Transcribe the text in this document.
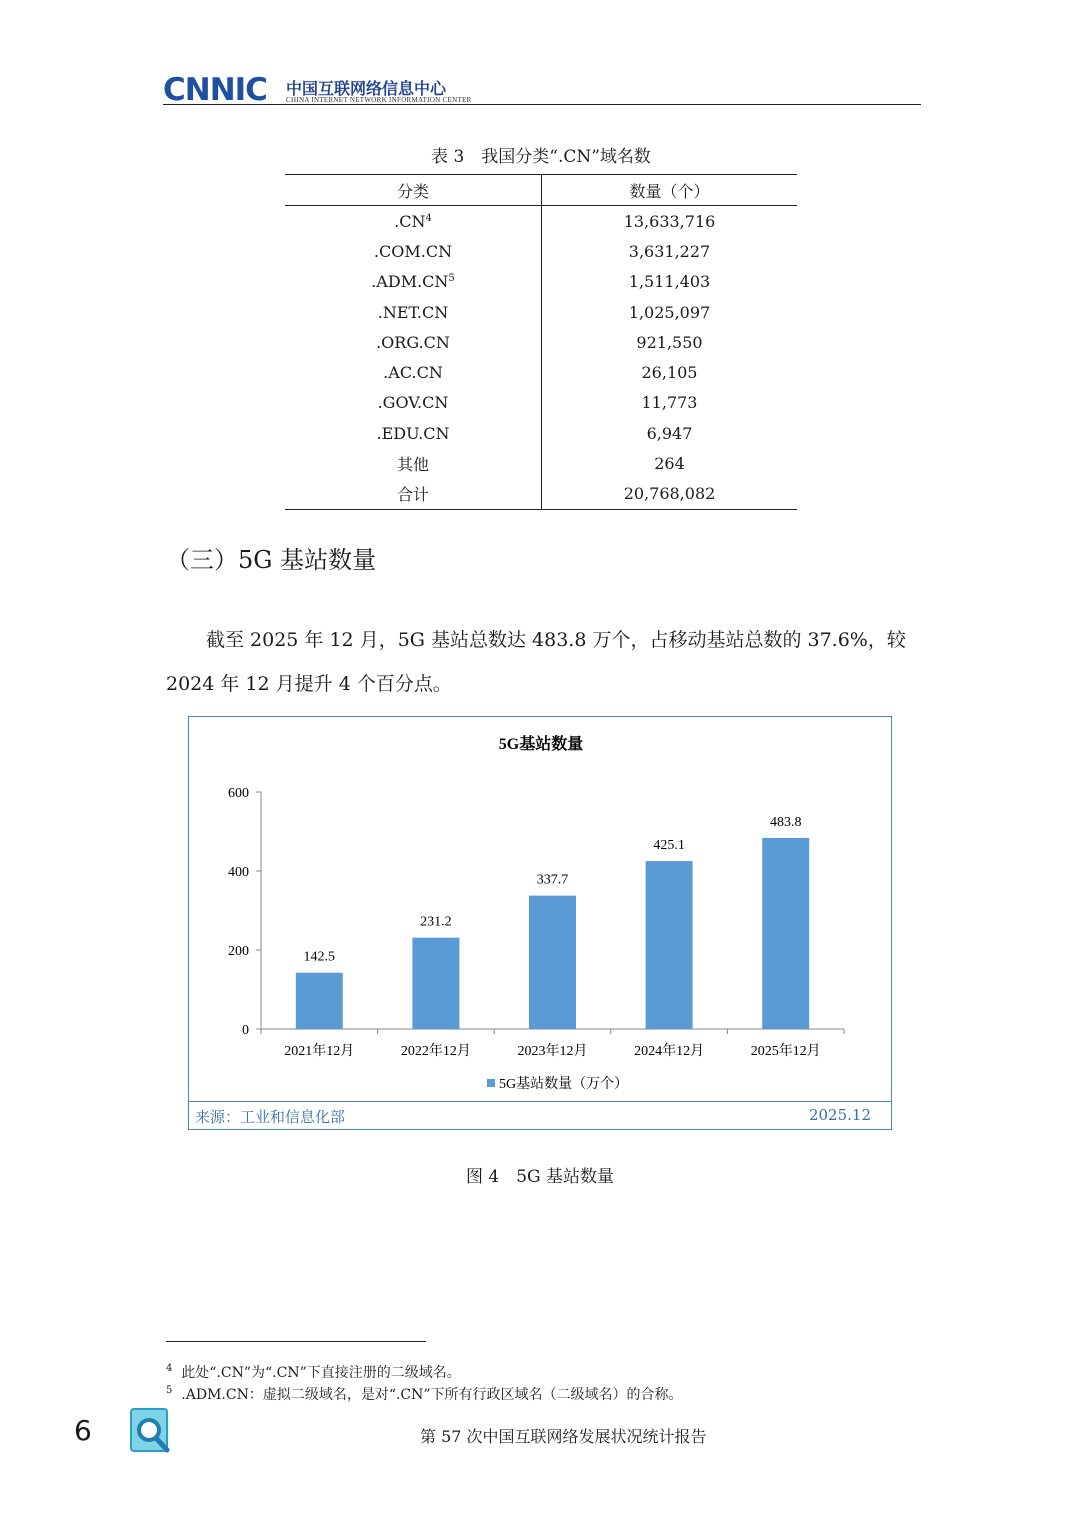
CNNIC 中国互联网络信息中心
CHINA INTERNET NETWORK INFORMATION CENTER
表 3　我国分类“.CN”域名数
分类	数量（个）
$.CN^4$	13,633,716
.COM.CN	3,631,227
$.ADM.CN^5$	1,511,403
.NET.CN	1,025,097
.ORG.CN	921,550
.AC.CN	26,105
.GOV.CN	11,773
.EDU.CN	6,947
其他	264
合计	20,768,082
（三）5G 基站数量
截至 2025 年 12 月，5G 基站总数达 483.8 万个，占移动基站总数的 37.6%，较 2024 年 12 月提升 4 个百分点。
5G基站数量
0
200
400
600
142.5
2021年12月
231.2
2022年12月
337.7
2023年12月
425.1
2024年12月
483.8
2025年12月
5G基站数量（万个）
来源：工业和信息化部	2025.12
图 4　5G 基站数量
$^4$ 此处“.CN”为“.CN”下直接注册的二级域名。
$^5$ .ADM.CN：虚拟二级域名，是对“.CN”下所有行政区域名（二级域名）的合称。
6	第 57 次中国互联网络发展状况统计报告
